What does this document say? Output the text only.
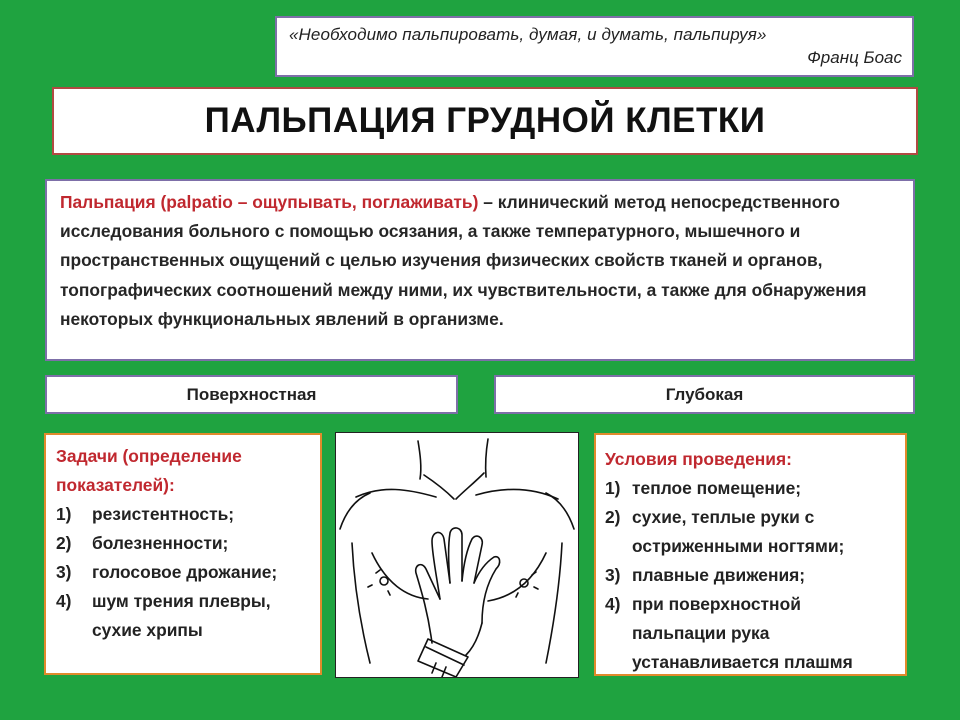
«Необходимо пальпировать, думая, и думать, пальпируя»
Франц Боас
ПАЛЬПАЦИЯ ГРУДНОЙ КЛЕТКИ
Пальпация (palpatio – ощупывать, поглаживать) – клинический метод непосредственного исследования больного с помощью осязания, а также температурного, мышечного и пространственных ощущений с целью изучения физических свойств тканей и органов, топографических соотношений между ними, их чувствительности, а также для обнаружения некоторых функциональных явлений в организме.
Поверхностная	Глубокая
Задачи (определение показателей):
1)	резистентность;
2)	болезненности;
3)	голосовое дрожание;
4)	шум трения плевры, сухие хрипы
Условия проведения:
1) теплое помещение;
2) сухие, теплые руки с остриженными ногтями;
3) плавные движения;
4) при поверхностной пальпации рука устанавливается плашмя
